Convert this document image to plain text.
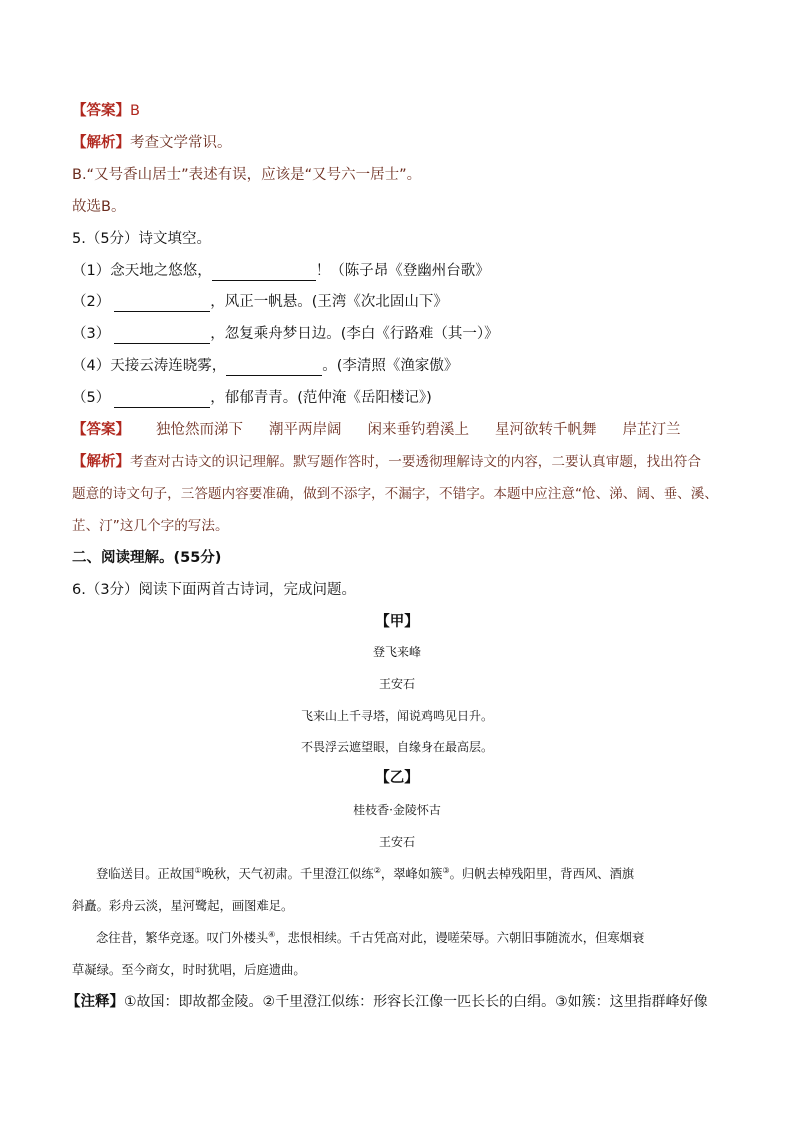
【答案】B
【解析】考查文学常识。
B.“又号香山居士”表述有误，应该是“又号六一居士”。
故选B。
5.（5分）诗文填空。
（1）念天地之悠悠，	！（陈子昂《登幽州台歌》
（2）	，风正一帆悬。(王湾《次北固山下》
（3）	，忽复乘舟梦日边。(李白《行路难（其一）》
（4）天接云涛连晓雾，	。(李清照《渔家傲》
（5）	，郁郁青青。(范仲淹《岳阳楼记》)
【答案】 独怆然而涕下 潮平两岸阔 闲来垂钓碧溪上 星河欲转千帆舞 岸芷汀兰
【解析】考查对古诗文的识记理解。默写题作答时，一要透彻理解诗文的内容，二要认真审题，找出符合
题意的诗文句子，三答题内容要准确，做到不添字，不漏字，不错字。本题中应注意“怆、涕、阔、垂、溪、
芷、汀”这几个字的写法。
二、阅读理解。(55分)
6.（3分）阅读下面两首古诗词，完成问题。
【甲】
登飞来峰
王安石
飞来山上千寻塔，闻说鸡鸣见日升。
不畏浮云遮望眼，自缘身在最高层。
【乙】
桂枝香·金陵怀古
王安石
登临送目。正故国①晚秋，天气初肃。千里澄江似练②，翠峰如簇③。归帆去棹残阳里，背西风、酒旗
斜矗。彩舟云淡，星河鹭起，画图难足。
念往昔，繁华竞逐。叹门外楼头④，悲恨相续。千古凭高对此，谩嗟荣辱。六朝旧事随流水，但寒烟衰
草凝绿。至今商女，时时犹唱，后庭遗曲。
【注释】①故国：即故都金陵。②千里澄江似练：形容长江像一匹长长的白绢。③如簇：这里指群峰好像
